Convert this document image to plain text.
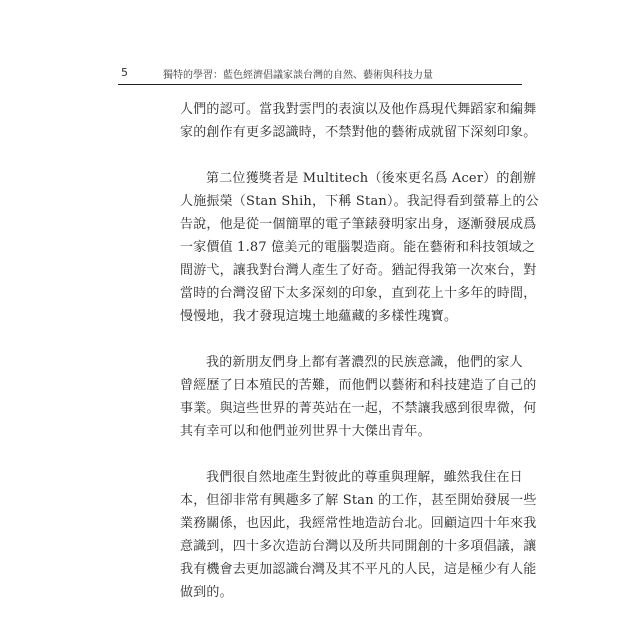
5	獨特的學習：藍色經濟倡議家談台灣的自然、藝術與科技力量

人們的認可。當我對雲門的表演以及他作爲現代舞蹈家和編舞
家的創作有更多認識時，不禁對他的藝術成就留下深刻印象。

第二位獲獎者是 Multitech（後來更名爲 Acer）的創辦
人施振榮（Stan Shih，下稱 Stan）。我記得看到螢幕上的公
告說，他是從一個簡單的電子筆錶發明家出身，逐漸發展成爲
一家價值 1.87 億美元的電腦製造商。能在藝術和科技領域之
間游弋，讓我對台灣人產生了好奇。猶記得我第一次來台，對
當時的台灣沒留下太多深刻的印象，直到花上十多年的時間，
慢慢地，我才發現這塊土地蘊藏的多樣性瑰寶。

我的新朋友們身上都有著濃烈的民族意識，他們的家人
曾經歷了日本殖民的苦難，而他們以藝術和科技建造了自己的
事業。與這些世界的菁英站在一起，不禁讓我感到很卑微，何
其有幸可以和他們並列世界十大傑出青年。

我們很自然地產生對彼此的尊重與理解，雖然我住在日
本，但卻非常有興趣多了解 Stan 的工作，甚至開始發展一些
業務關係，也因此，我經常性地造訪台北。回顧這四十年來我
意識到，四十多次造訪台灣以及所共同開創的十多項倡議，讓
我有機會去更加認識台灣及其不平凡的人民，這是極少有人能
做到的。
